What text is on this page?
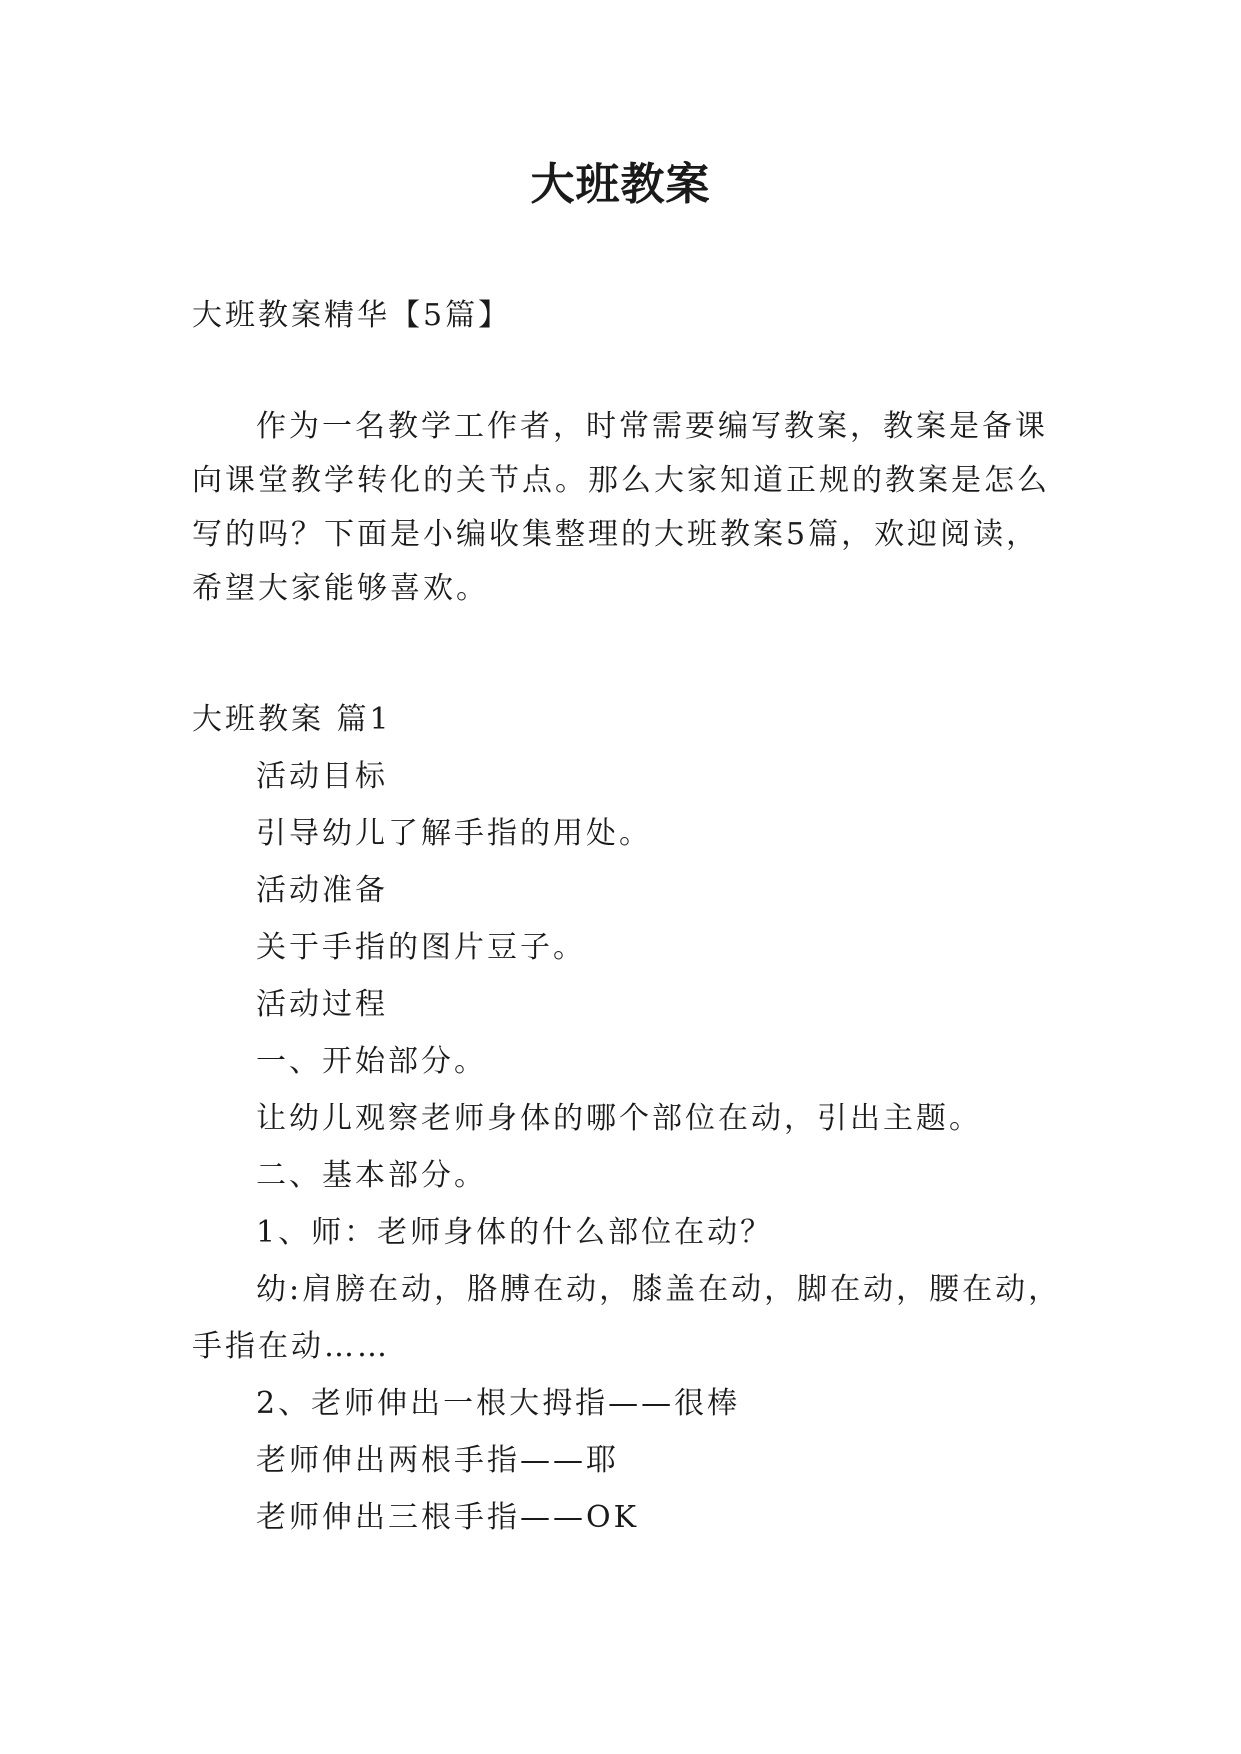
大班教案
大班教案精华【5篇】
作为一名教学工作者，时常需要编写教案，教案是备课
向课堂教学转化的关节点。那么大家知道正规的教案是怎么
写的吗？下面是小编收集整理的大班教案5篇，欢迎阅读，
希望大家能够喜欢。
大班教案 篇1
活动目标
引导幼儿了解手指的用处。
活动准备
关于手指的图片豆子。
活动过程
一、开始部分。
让幼儿观察老师身体的哪个部位在动，引出主题。
二、基本部分。
1、师：老师身体的什么部位在动？
幼:肩膀在动，胳膊在动，膝盖在动，脚在动，腰在动，
手指在动……
2、老师伸出一根大拇指——很棒
老师伸出两根手指——耶
老师伸出三根手指——OK
